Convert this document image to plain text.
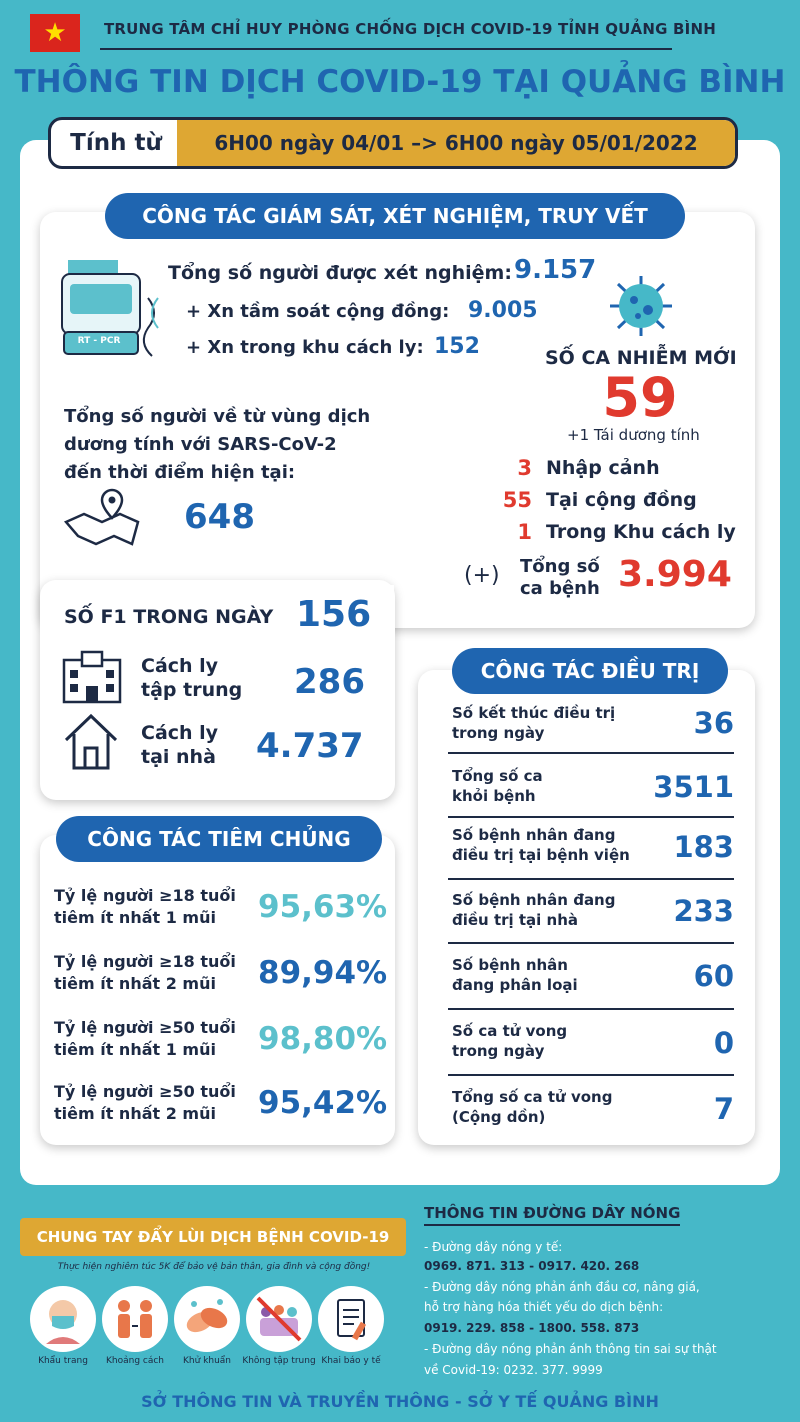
★ TRUNG TÂM CHỈ HUY PHÒNG CHỐNG DỊCH COVID-19 TỈNH QUẢNG BÌNH
THÔNG TIN DỊCH COVID-19 TẠI QUẢNG BÌNH
Tính từ	6H00 ngày 04/01 –> 6H00 ngày 05/01/2022
CÔNG TÁC GIÁM SÁT, XÉT NGHIỆM, TRUY VẾT
RT - PCR
Tổng số người được xét nghiệm: 9.157
+ Xn tầm soát cộng đồng: 9.005
+ Xn trong khu cách ly: 152	SỐ CA NHIỄM MỚI
59
+1 Tái dương tính
3 Nhập cảnh
55 Tại cộng đồng
1 Trong Khu cách ly
(+) Tổng số
ca bệnh 3.994
Tổng số người về từ vùng dịch
dương tính với SARS-CoV-2
đến thời điểm hiện tại:
648
SỐ F1 TRONG NGÀY 156
Cách ly
tập trung 286
Cách ly
tại nhà 4.737
CÔNG TÁC TIÊM CHỦNG
Tỷ lệ người ≥18 tuổi
tiêm ít nhất 1 mũi 95,63%
Tỷ lệ người ≥18 tuổi
tiêm ít nhất 2 mũi 89,94%
Tỷ lệ người ≥50 tuổi
tiêm ít nhất 1 mũi 98,80%
Tỷ lệ người ≥50 tuổi
tiêm ít nhất 2 mũi 95,42%
CÔNG TÁC ĐIỀU TRỊ
Số kết thúc điều trị
trong ngày	36
Tổng số ca
khỏi bệnh	3511
Số bệnh nhân đang
điều trị tại bệnh viện	183
Số bệnh nhân đang
điều trị tại nhà	233
Số bệnh nhân
đang phân loại	60
Số ca tử vong
trong ngày	0
Tổng số ca tử vong
(Cộng dồn)	7
CHUNG TAY ĐẨY LÙI DỊCH BỆNH COVID-19
Thực hiện nghiêm túc 5K để bảo vệ bản thân, gia đình và cộng đồng!
Khẩu trang	Khoảng cách	Khử khuẩn	Không tập trung Khai báo y tế
THÔNG TIN ĐƯỜNG DÂY NÓNG
- Đường dây nóng y tế:
0969. 871. 313 - 0917. 420. 268
- Đường dây nóng phản ánh đầu cơ, nâng giá,
hỗ trợ hàng hóa thiết yếu do dịch bệnh:
0919. 229. 858 - 1800. 558. 873
- Đường dây nóng phản ánh thông tin sai sự thật
về Covid-19: 0232. 377. 9999
SỞ THÔNG TIN VÀ TRUYỀN THÔNG - SỞ Y TẾ QUẢNG BÌNH
